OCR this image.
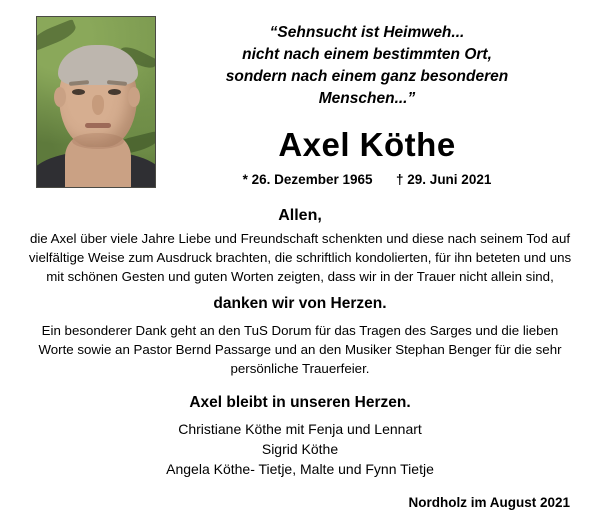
“Sehnsucht ist Heimweh...
nicht nach einem bestimmten Ort,
sondern nach einem ganz besonderen
Menschen...”
Axel Köthe
* 26. Dezember 1965 † 29. Juni 2021
Allen,
die Axel über viele Jahre Liebe und Freundschaft schenkten und diese nach seinem Tod auf vielfältige Weise zum Ausdruck brachten, die schriftlich kondolierten, für ihn beteten und uns mit schönen Gesten und guten Worten zeigten, dass wir in der Trauer nicht allein sind,
danken wir von Herzen.
Ein besonderer Dank geht an den TuS Dorum für das Tragen des Sarges und die lieben Worte sowie an Pastor Bernd Passarge und an den Musiker Stephan Benger für die sehr persönliche Trauerfeier.
Axel bleibt in unseren Herzen.
Christiane Köthe mit Fenja und Lennart
Sigrid Köthe
Angela Köthe- Tietje, Malte und Fynn Tietje
Nordholz im August 2021
